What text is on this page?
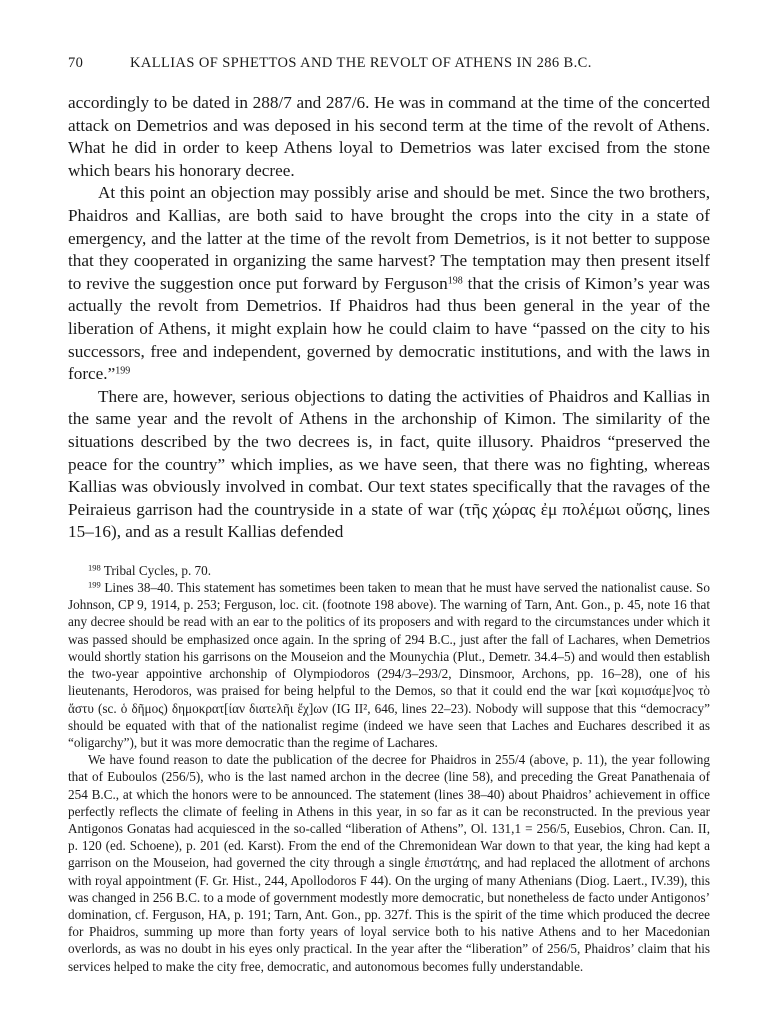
70	KALLIAS OF SPHETTOS AND THE REVOLT OF ATHENS IN 286 B.C.

accordingly to be dated in 288/7 and 287/6. He was in command at the time of the concerted attack on Demetrios and was deposed in his second term at the time of the revolt of Athens. What he did in order to keep Athens loyal to Demetrios was later excised from the stone which bears his honorary decree.

At this point an objection may possibly arise and should be met. Since the two brothers, Phaidros and Kallias, are both said to have brought the crops into the city in a state of emergency, and the latter at the time of the revolt from Demetrios, is it not better to suppose that they cooperated in organizing the same harvest? The temptation may then present itself to revive the suggestion once put forward by Ferguson$^{198}$ that the crisis of Kimon’s year was actually the revolt from Demetrios. If Phaidros had thus been general in the year of the liberation of Athens, it might explain how he could claim to have “passed on the city to his successors, free and independent, governed by democratic institutions, and with the laws in force.”$^{199}$

There are, however, serious objections to dating the activities of Phaidros and Kallias in the same year and the revolt of Athens in the archonship of Kimon. The similarity of the situations described by the two decrees is, in fact, quite illusory. Phaidros “preserved the peace for the country” which implies, as we have seen, that there was no fighting, whereas Kallias was obviously involved in combat. Our text states specifically that the ravages of the Peiraieus garrison had the countryside in a state of war (τῆς χώρας ἐμ πολέμωι οὔσης, lines 15–16), and as a result Kallias defended

$^{198}$ Tribal Cycles, p. 70.

$^{199}$ Lines 38–40. This statement has sometimes been taken to mean that he must have served the nationalist cause. So Johnson, CP 9, 1914, p. 253; Ferguson, loc. cit. (footnote 198 above). The warning of Tarn, Ant. Gon., p. 45, note 16 that any decree should be read with an ear to the politics of its proposers and with regard to the circumstances under which it was passed should be emphasized once again. In the spring of 294 B.C., just after the fall of Lachares, when Demetrios would shortly station his garrisons on the Mouseion and the Mounychia (Plut., Demetr. 34.4–5) and would then establish the two-year appointive archonship of Olympiodoros (294/3–293/2, Dinsmoor, Archons, pp. 16–28), one of his lieutenants, Herodoros, was praised for being helpful to the Demos, so that it could end the war [καὶ κομισάμε]νος τὸ ἄστυ (sc. ὁ δῆμος) δημοκρατ[ίαν διατελῆι ἔχ]ων (IG II², 646, lines 22–23). Nobody will suppose that this “democracy” should be equated with that of the nationalist regime (indeed we have seen that Laches and Euchares described it as “oligarchy”), but it was more democratic than the regime of Lachares.

We have found reason to date the publication of the decree for Phaidros in 255/4 (above, p. 11), the year following that of Euboulos (256/5), who is the last named archon in the decree (line 58), and preceding the Great Panathenaia of 254 B.C., at which the honors were to be announced. The statement (lines 38–40) about Phaidros’ achievement in office perfectly reflects the climate of feeling in Athens in this year, in so far as it can be reconstructed. In the previous year Antigonos Gonatas had acquiesced in the so-called “liberation of Athens”, Ol. 131,1 = 256/5, Eusebios, Chron. Can. II, p. 120 (ed. Schoene), p. 201 (ed. Karst). From the end of the Chremonidean War down to that year, the king had kept a garrison on the Mouseion, had governed the city through a single ἐπιστάτης, and had replaced the allotment of archons with royal appointment (F. Gr. Hist., 244, Apollodoros F 44). On the urging of many Athenians (Diog. Laert., IV.39), this was changed in 256 B.C. to a mode of government modestly more democratic, but nonetheless de facto under Antigonos’ domination, cf. Ferguson, HA, p. 191; Tarn, Ant. Gon., pp. 327f. This is the spirit of the time which produced the decree for Phaidros, summing up more than forty years of loyal service both to his native Athens and to her Macedonian overlords, as was no doubt in his eyes only practical. In the year after the “liberation” of 256/5, Phaidros’ claim that his services helped to make the city free, democratic, and autonomous becomes fully understandable.
